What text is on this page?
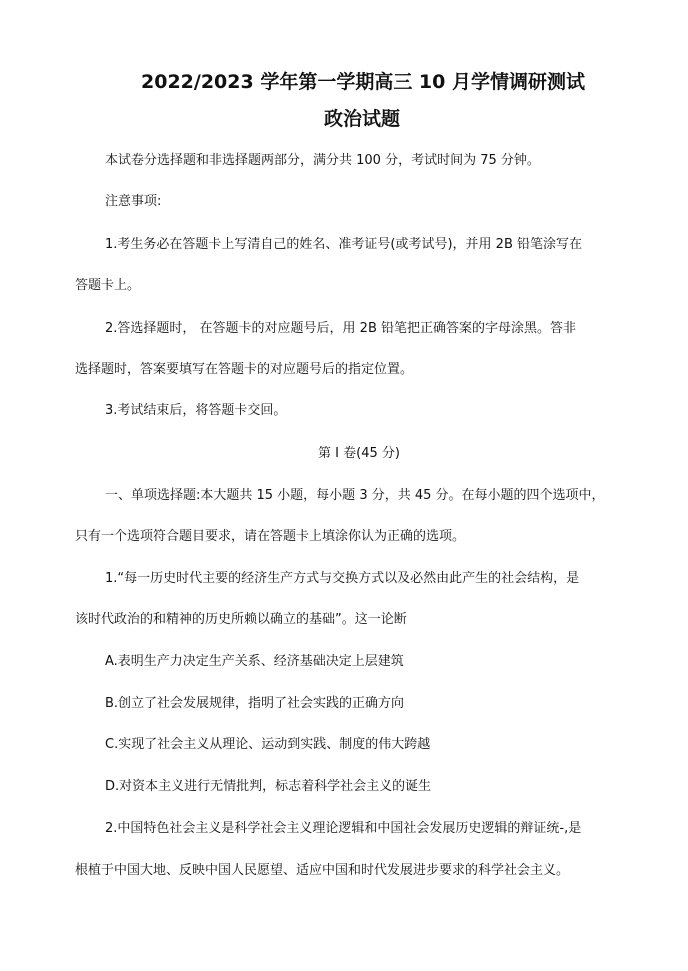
2022/2023 学年第一学期高三 10 月学情调研测试
政治试题
本试卷分选择题和非选择题两部分，满分共 100 分，考试时间为 75 分钟。
注意事项:
1.考生务必在答题卡上写清自己的姓名、准考证号(或考试号)，并用 2B 铅笔涂写在
答题卡上。
2.答选择题时， 在答题卡的对应题号后，用 2B 铅笔把正确答案的字母涂黑。答非
选择题时，答案要填写在答题卡的对应题号后的指定位置。
3.考试结束后，将答题卡交回。
第 I 卷(45 分)
一、单项选择题:本大题共 15 小题，每小题 3 分，共 45 分。在每小题的四个选项中，
只有一个选项符合题目要求，请在答题卡上填涂你认为正确的选项。
1.“每一历史时代主要的经济生产方式与交换方式以及必然由此产生的社会结构，是
该时代政治的和精神的历史所赖以确立的基础”。这一论断
A.表明生产力决定生产关系、经济基础决定上层建筑
B.创立了社会发展规律，指明了社会实践的正确方向
C.实现了社会主义从理论、运动到实践、制度的伟大跨越
D.对资本主义进行无情批判，标志着科学社会主义的诞生
2.中国特色社会主义是科学社会主义理论逻辑和中国社会发展历史逻辑的辩证统-,是
根植于中国大地、反映中国人民愿望、适应中国和时代发展进步要求的科学社会主义。
